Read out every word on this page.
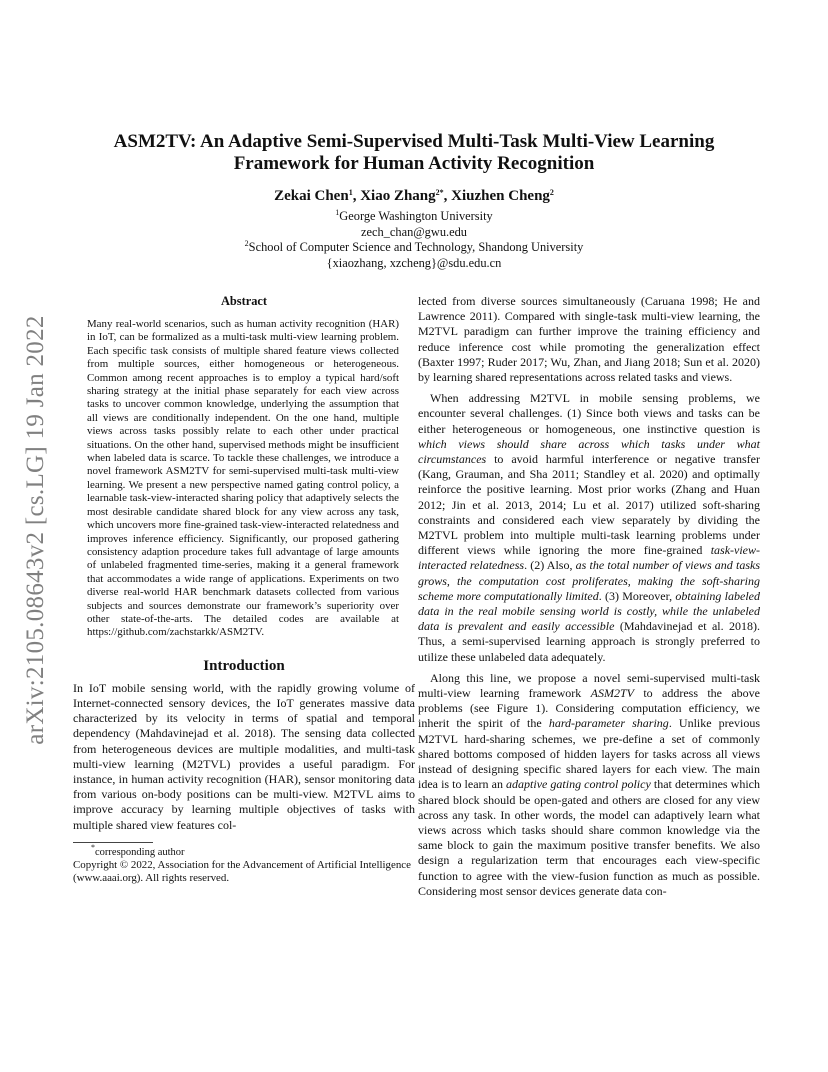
arXiv:2105.08643v2 [cs.LG] 19 Jan 2022
ASM2TV: An Adaptive Semi-Supervised Multi-Task Multi-View Learning
Framework for Human Activity Recognition
Zekai Chen$^1$, Xiao Zhang$^{2*}$, Xiuzhen Cheng$^2$
$^1$George Washington University
zech_chan@gwu.edu
$^2$School of Computer Science and Technology, Shandong University
{xiaozhang, xzcheng}@sdu.edu.cn
Abstract
Many real-world scenarios, such as human activity recognition (HAR) in IoT, can be formalized as a multi-task multi-view learning problem. Each specific task consists of multiple shared feature views collected from multiple sources, either homogeneous or heterogeneous. Common among recent approaches is to employ a typical hard/soft sharing strategy at the initial phase separately for each view across tasks to uncover common knowledge, underlying the assumption that all views are conditionally independent. On the one hand, multiple views across tasks possibly relate to each other under practical situations. On the other hand, supervised methods might be insufficient when labeled data is scarce. To tackle these challenges, we introduce a novel framework ASM2TV for semi-supervised multi-task multi-view learning. We present a new perspective named gating control policy, a learnable task-view-interacted sharing policy that adaptively selects the most desirable candidate shared block for any view across any task, which uncovers more fine-grained task-view-interacted relatedness and improves inference efficiency. Significantly, our proposed gathering consistency adaption procedure takes full advantage of large amounts of unlabeled fragmented time-series, making it a general framework that accommodates a wide range of applications. Experiments on two diverse real-world HAR benchmark datasets collected from various subjects and sources demonstrate our framework’s superiority over other state-of-the-arts. The detailed codes are available at https://github.com/zachstarkk/ASM2TV.
Introduction

In IoT mobile sensing world, with the rapidly growing volume of Internet-connected sensory devices, the IoT generates massive data characterized by its velocity in terms of spatial and temporal dependency (Mahdavinejad et al. 2018). The sensing data collected from heterogeneous devices are multiple modalities, and multi-task multi-view learning (M2TVL) provides a useful paradigm. For instance, in human activity recognition (HAR), sensor monitoring data from various on-body positions can be multi-view. M2TVL aims to improve accuracy by learning multiple objectives of tasks with multiple shared view features col-

*corresponding author
Copyright © 2022, Association for the Advancement of Artificial Intelligence (www.aaai.org). All rights reserved.

lected from diverse sources simultaneously (Caruana 1998; He and Lawrence 2011). Compared with single-task multi-view learning, the M2TVL paradigm can further improve the training efficiency and reduce inference cost while promoting the generalization effect (Baxter 1997; Ruder 2017; Wu, Zhan, and Jiang 2018; Sun et al. 2020) by learning shared representations across related tasks and views.

When addressing M2TVL in mobile sensing problems, we encounter several challenges. (1) Since both views and tasks can be either heterogeneous or homogeneous, one instinctive question is which views should share across which tasks under what circumstances to avoid harmful interference or negative transfer (Kang, Grauman, and Sha 2011; Standley et al. 2020) and optimally reinforce the positive learning. Most prior works (Zhang and Huan 2012; Jin et al. 2013, 2014; Lu et al. 2017) utilized soft-sharing constraints and considered each view separately by dividing the M2TVL problem into multiple multi-task learning problems under different views while ignoring the more fine-grained task-view-interacted relatedness. (2) Also, as the total number of views and tasks grows, the computation cost proliferates, making the soft-sharing scheme more computationally limited. (3) Moreover, obtaining labeled data in the real mobile sensing world is costly, while the unlabeled data is prevalent and easily accessible (Mahdavinejad et al. 2018). Thus, a semi-supervised learning approach is strongly preferred to utilize these unlabeled data adequately.

Along this line, we propose a novel semi-supervised multi-task multi-view learning framework ASM2TV to address the above problems (see Figure 1). Considering computation efficiency, we inherit the spirit of the hard-parameter sharing. Unlike previous M2TVL hard-sharing schemes, we pre-define a set of commonly shared bottoms composed of hidden layers for tasks across all views instead of designing specific shared layers for each view. The main idea is to learn an adaptive gating control policy that determines which shared block should be open-gated and others are closed for any view across any task. In other words, the model can adaptively learn what views across which tasks should share common knowledge via the same block to gain the maximum positive transfer benefits. We also design a regularization term that encourages each view-specific function to agree with the view-fusion function as much as possible. Considering most sensor devices generate data con-
